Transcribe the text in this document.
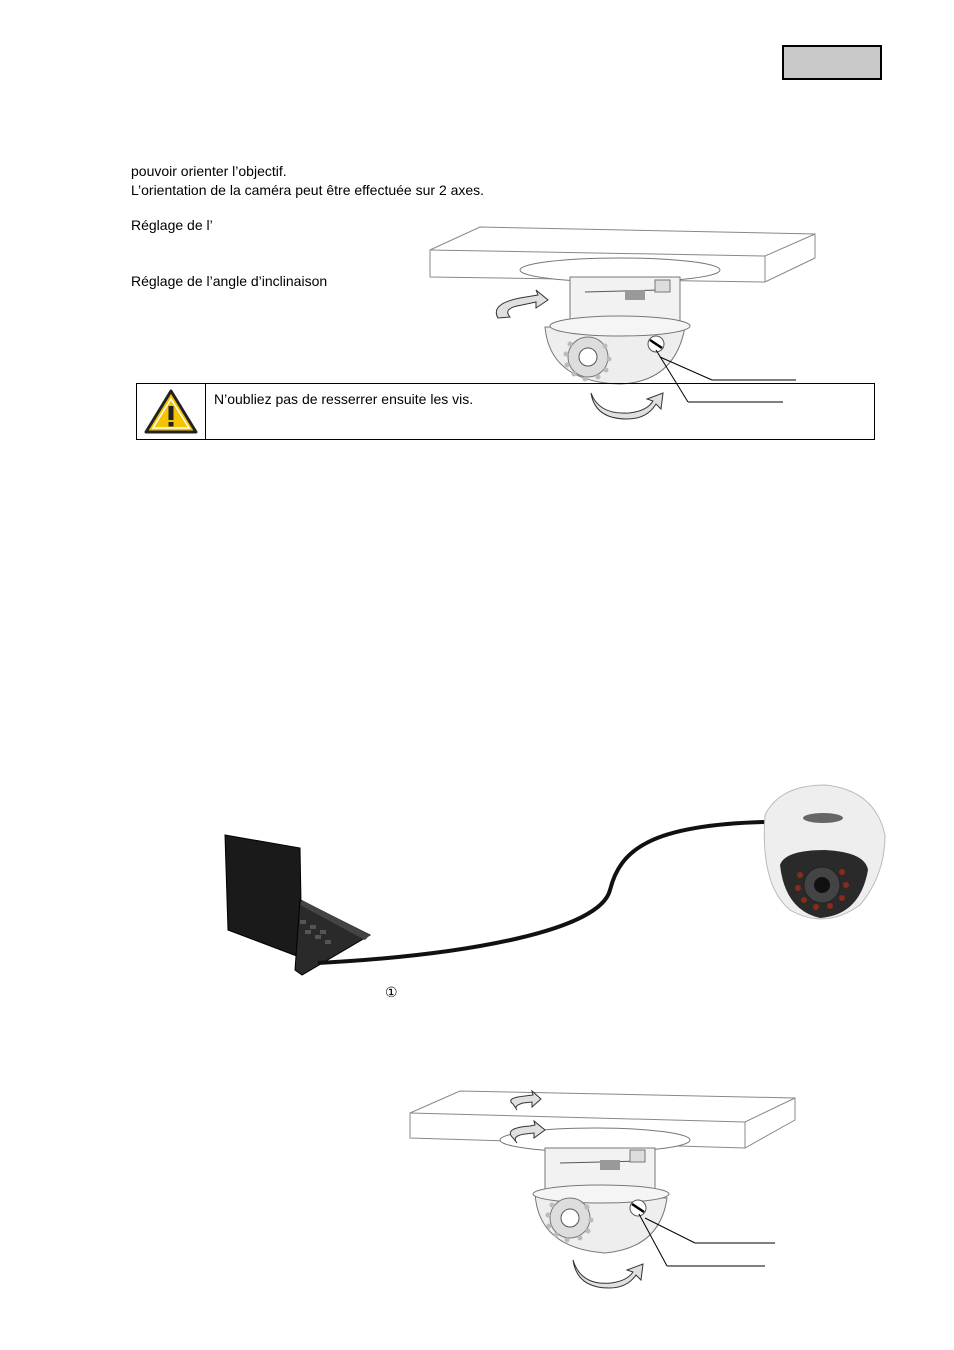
pouvoir orienter l’objectif.
L’orientation de la caméra peut être effectuée sur 2 axes.
Réglage de l’
Réglage de l’angle d’inclinaison
N’oubliez pas de resserrer ensuite les vis.
①
